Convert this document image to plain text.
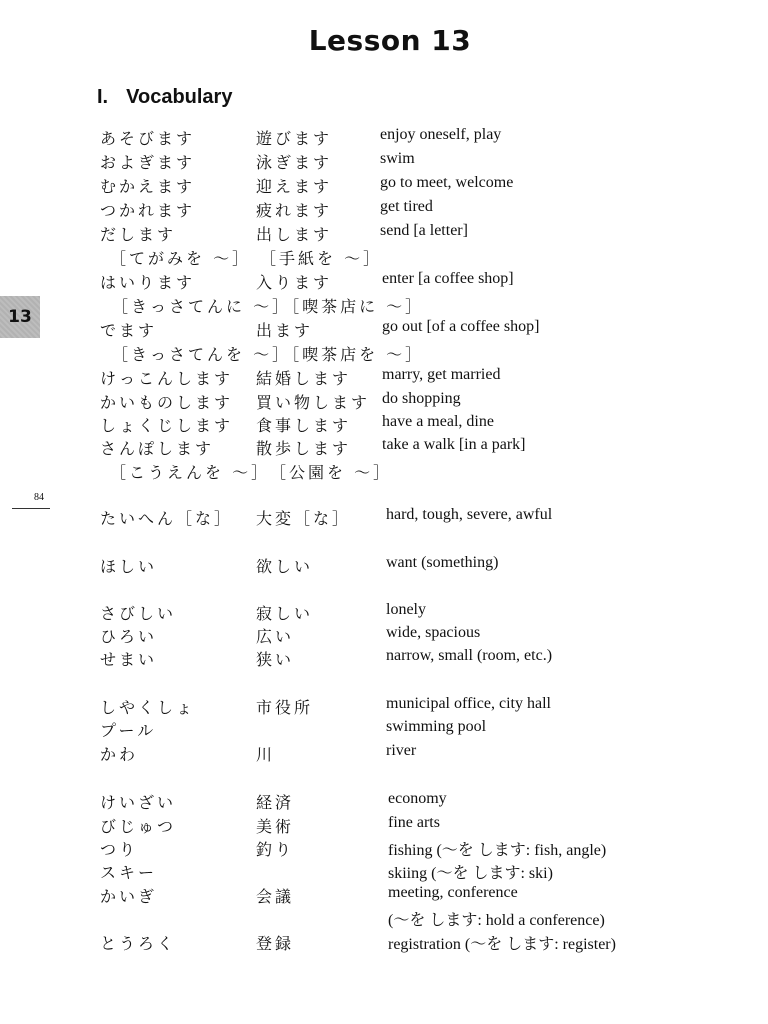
Lesson 13
I. Vocabulary
13
84
あそびます	遊びます	enjoy oneself, play
およぎます	泳ぎます	swim
むかえます	迎えます	go to meet, welcome
つかれます	疲れます	get tired
だします	出します	send [a letter]
［てがみを ～］ ［手紙を ～］
はいります	入ります	enter [a coffee shop]
［きっさてんに ～］［喫茶店に ～］
でます	出ます	go out [of a coffee shop]
［きっさてんを ～］［喫茶店を ～］
けっこんします 結婚します marry, get married
かいものします 買い物します do shopping
しょくじします 食事します have a meal, dine
さんぽします	散歩します take a walk [in a park]
［こうえんを ～］ ［公園を ～］
たいへん［な］ 大変［な］ hard, tough, severe, awful
ほしい	欲しい	want (something)
さびしい	寂しい	lonely
ひろい	広い	wide, spacious
せまい	狭い	narrow, small (room, etc.)
しやくしょ	市役所	municipal office, city hall
プール	swimming pool
かわ	川	river
けいざい	経済	economy
びじゅつ	美術	fine arts
つり	釣り	fishing (～を します: fish, angle)
スキー	skiing (～を します: ski)
かいぎ	会議	meeting, conference
(～を します: hold a conference)
とうろく	登録	registration (～を します: register)
